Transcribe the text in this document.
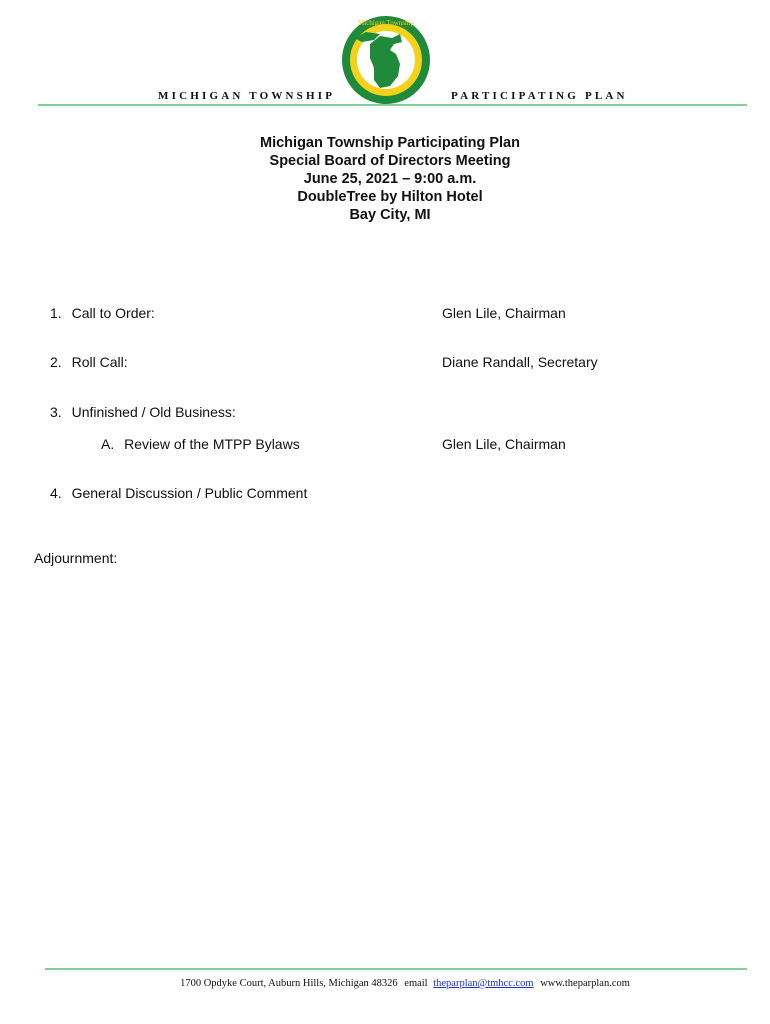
MICHIGAN TOWNSHIP
Michigan Township
PARTICIPATING PLAN
Michigan Township Participating Plan
Special Board of Directors Meeting
June 25, 2021 – 9:00 a.m.
DoubleTree by Hilton Hotel
Bay City, MI
1. Call to Order:	Glen Lile, Chairman
2. Roll Call:	Diane Randall, Secretary
3. Unfinished / Old Business:
A. Review of the MTPP Bylaws	Glen Lile, Chairman
4. General Discussion / Public Comment
Adjournment:
1700 Opdyke Court, Auburn Hills, Michigan 48326 email theparplan@tmhcc.com www.theparplan.com
